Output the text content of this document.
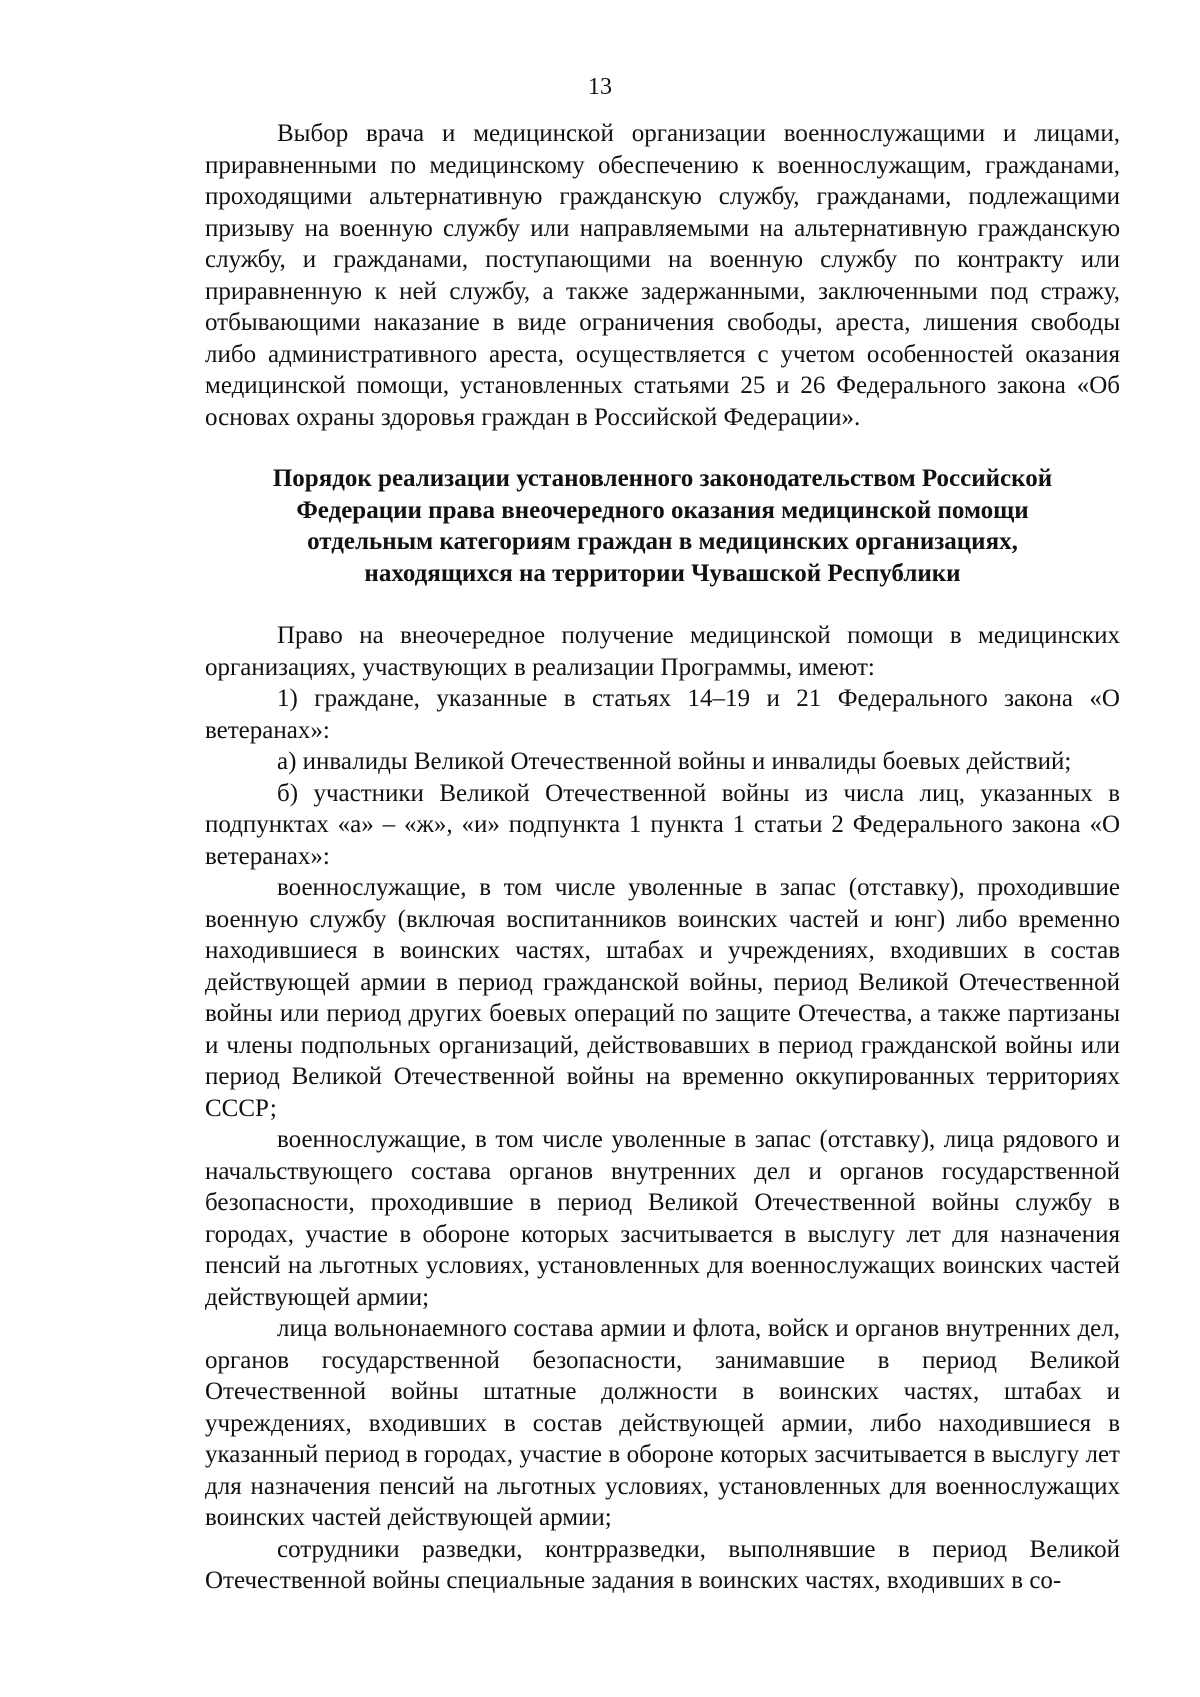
13

Выбор врача и медицинской организации военнослужащими и лицами, приравненными по медицинскому обеспечению к военнослужащим, гражданами, проходящими альтернативную гражданскую службу, гражданами, подлежащими призыву на военную службу или направляемыми на альтернативную гражданскую службу, и гражданами, поступающими на военную службу по контракту или приравненную к ней службу, а также задержанными, заключенными под стражу, отбывающими наказание в виде ограничения свободы, ареста, лишения свободы либо административного ареста, осуществляется с учетом особенностей оказания медицинской помощи, установленных статьями 25 и 26 Федерального закона «Об основах охраны здоровья граждан в Российской Федерации».

Порядок реализации установленного законодательством Российской
Федерации права внеочередного оказания медицинской помощи
отдельным категориям граждан в медицинских организациях,
находящихся на территории Чувашской Республики

Право на внеочередное получение медицинской помощи в медицинских организациях, участвующих в реализации Программы, имеют:

1) граждане, указанные в статьях 14–19 и 21 Федерального закона «О ветеранах»:

а) инвалиды Великой Отечественной войны и инвалиды боевых действий;

б) участники Великой Отечественной войны из числа лиц, указанных в подпунктах «а» – «ж», «и» подпункта 1 пункта 1 статьи 2 Федерального закона «О ветеранах»:

военнослужащие, в том числе уволенные в запас (отставку), проходившие военную службу (включая воспитанников воинских частей и юнг) либо временно находившиеся в воинских частях, штабах и учреждениях, входивших в состав действующей армии в период гражданской войны, период Великой Отечественной войны или период других боевых операций по защите Отечества, а также партизаны и члены подпольных организаций, действовавших в период гражданской войны или период Великой Отечественной войны на временно оккупированных территориях СССР;

военнослужащие, в том числе уволенные в запас (отставку), лица рядового и начальствующего состава органов внутренних дел и органов государственной безопасности, проходившие в период Великой Отечественной войны службу в городах, участие в обороне которых засчитывается в выслугу лет для назначения пенсий на льготных условиях, установленных для военнослужащих воинских частей действующей армии;

лица вольнонаемного состава армии и флота, войск и органов внутренних дел, органов государственной безопасности, занимавшие в период Великой Отечественной войны штатные должности в воинских частях, штабах и учреждениях, входивших в состав действующей армии, либо находившиеся в указанный период в городах, участие в обороне которых засчитывается в выслугу лет для назначения пенсий на льготных условиях, установленных для военнослужащих воинских частей действующей армии;

сотрудники разведки, контрразведки, выполнявшие в период Великой Отечественной войны специальные задания в воинских частях, входивших в со-
